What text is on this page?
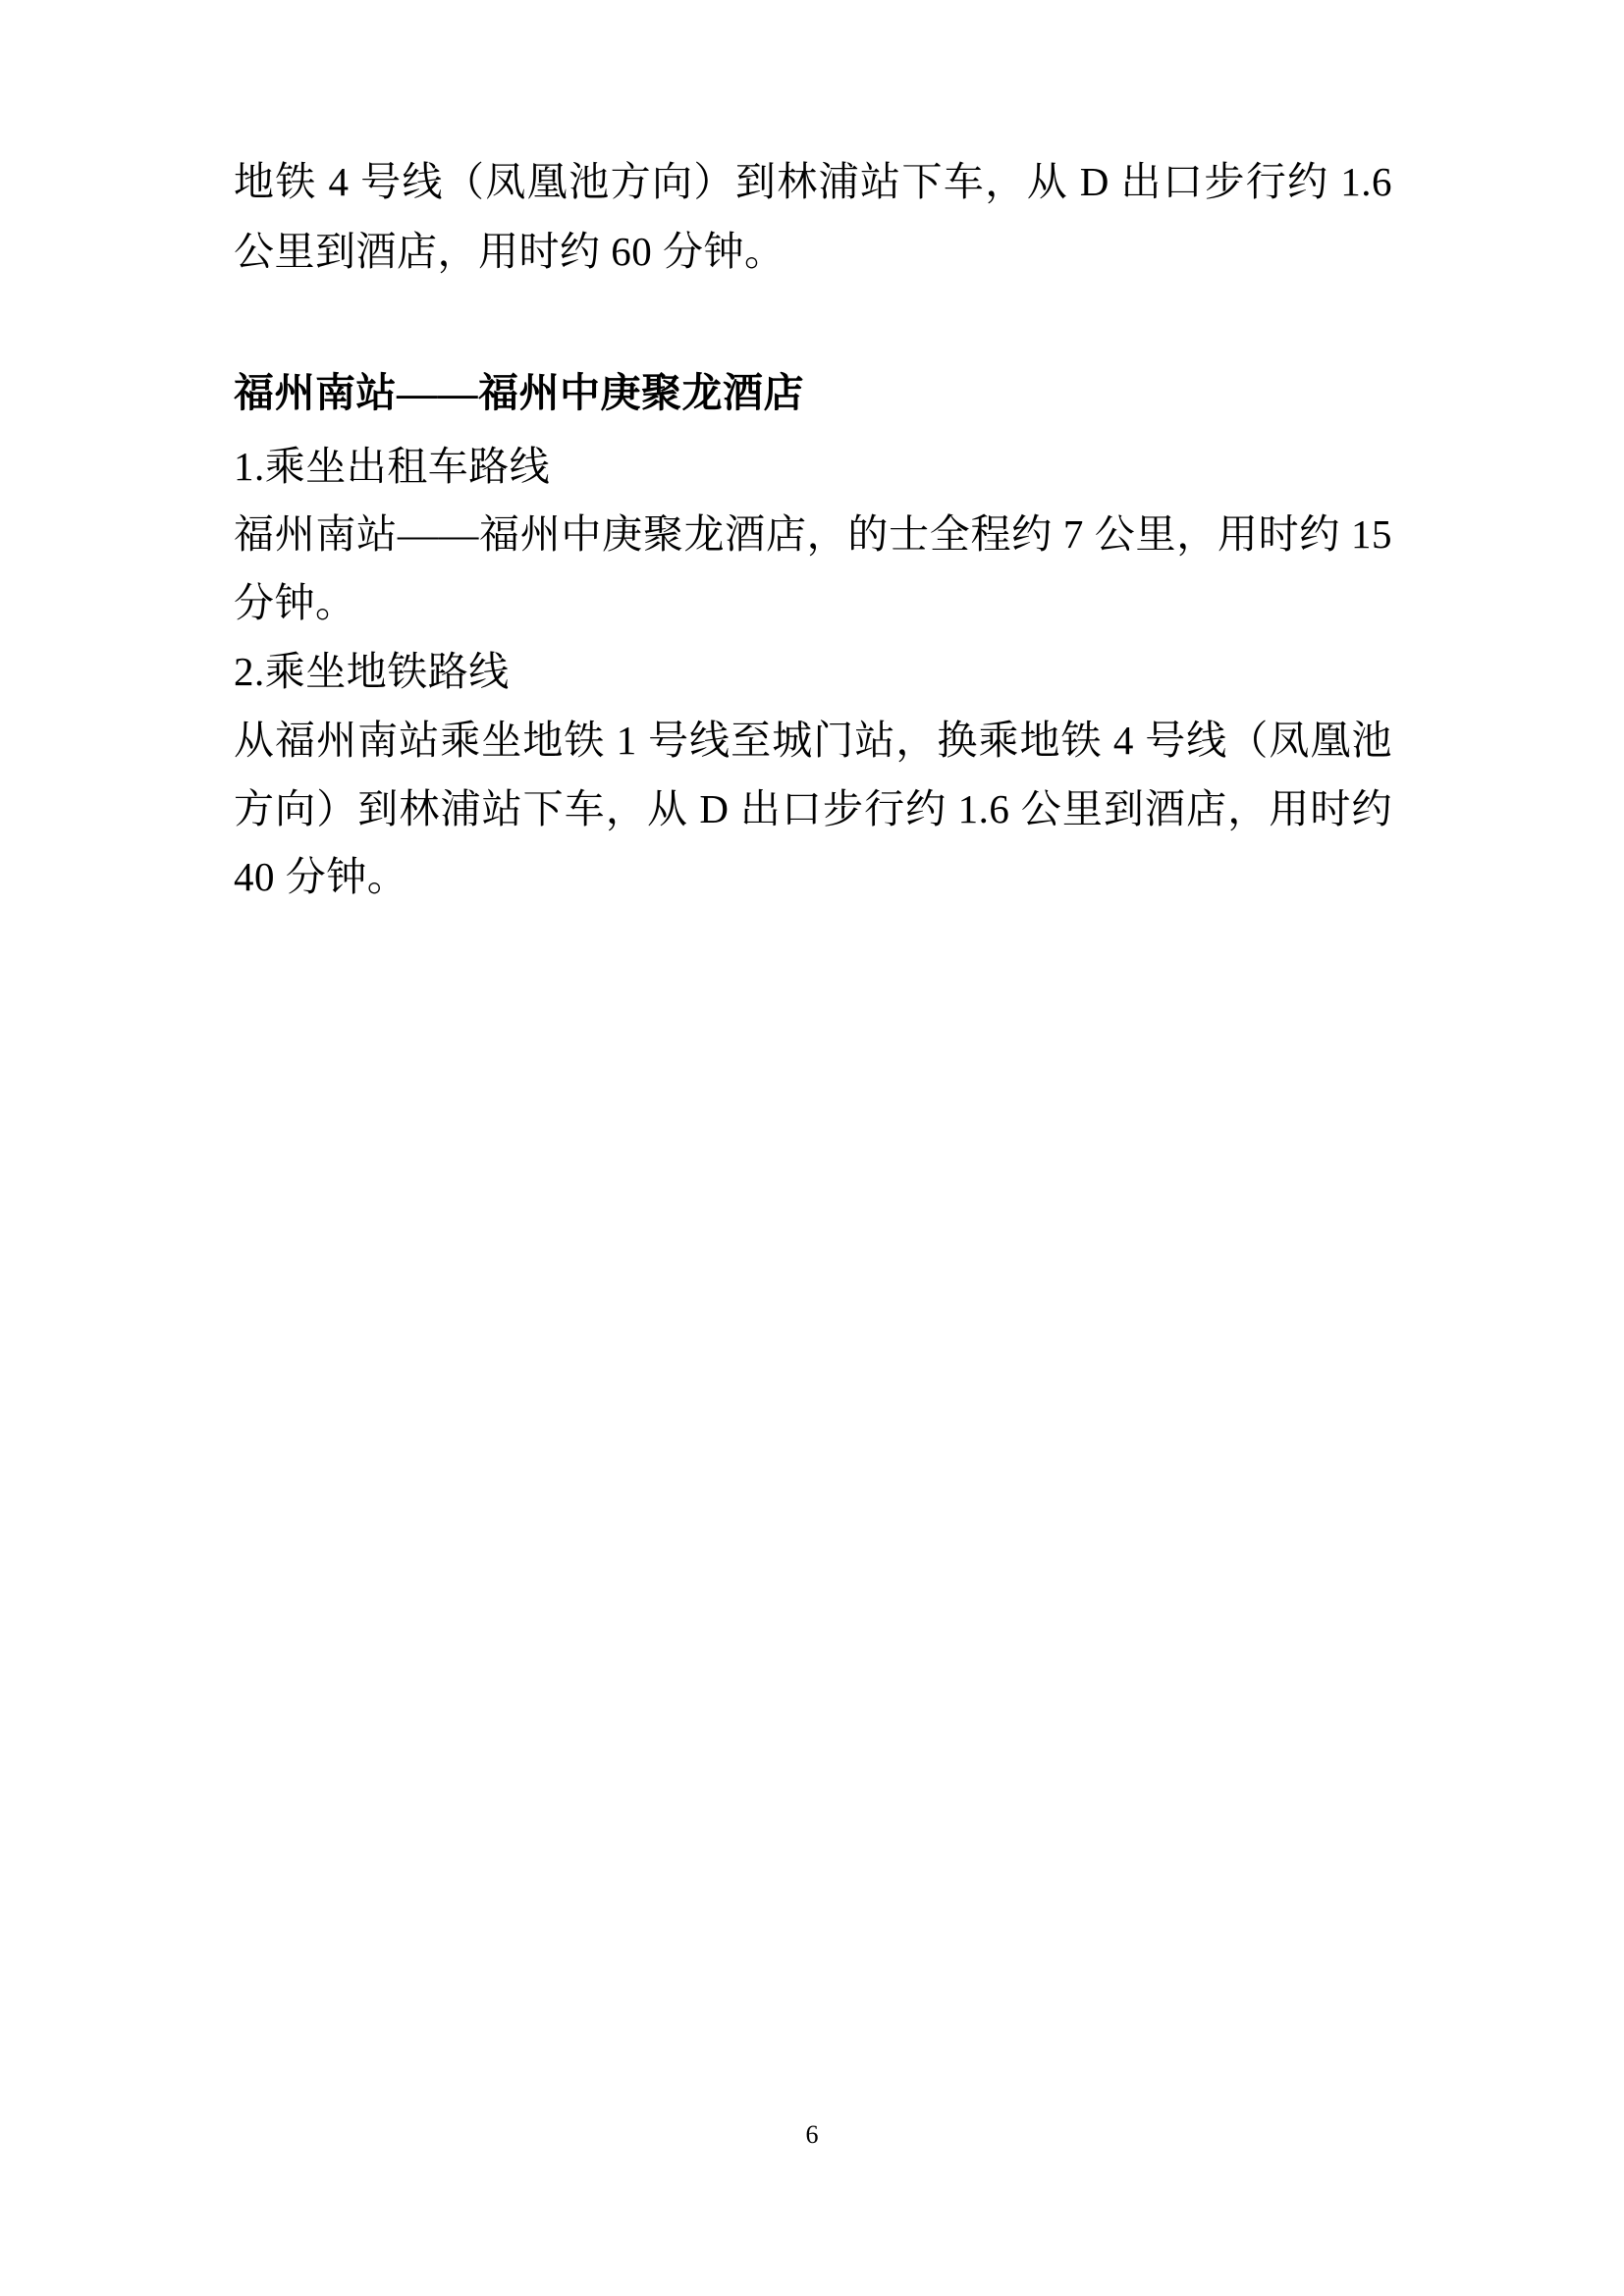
地铁 4 号线（凤凰池方向）到林浦站下车，从 D 出口步行约 1.6 公里到酒店，用时约 60 分钟。

福州南站——福州中庚聚龙酒店

1.乘坐出租车路线

福州南站——福州中庚聚龙酒店，的士全程约 7 公里，用时约 15 分钟。

2.乘坐地铁路线

从福州南站乘坐地铁 1 号线至城门站，换乘地铁 4 号线（凤凰池方向）到林浦站下车，从 D 出口步行约 1.6 公里到酒店，用时约 40 分钟。

6
